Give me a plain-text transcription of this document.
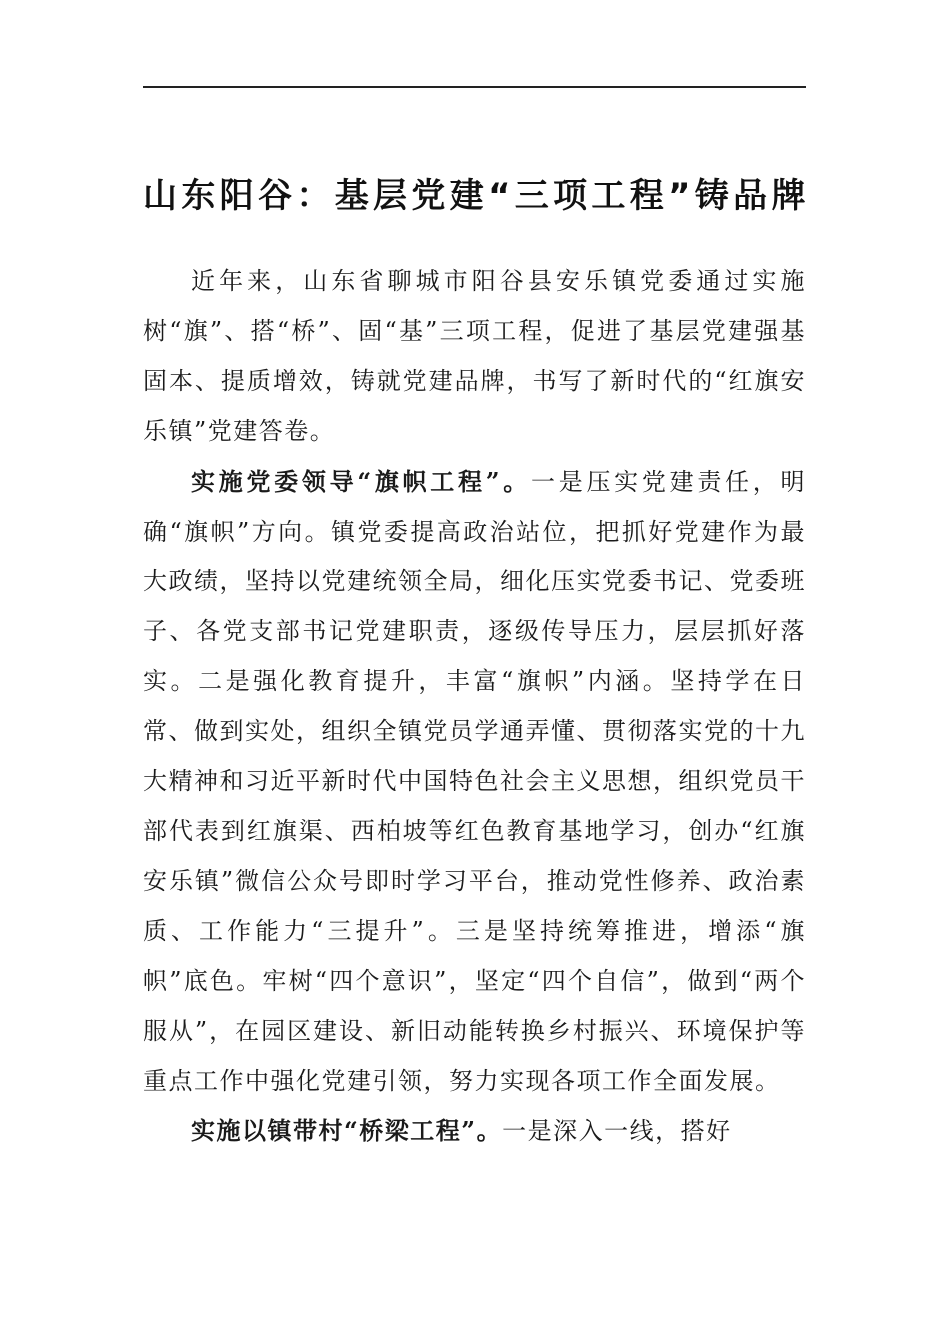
山东阳谷：基层党建“三项工程”铸品牌

近年来，山东省聊城市阳谷县安乐镇党委通过实施树“旗”、搭“桥”、固“基”三项工程，促进了基层党建强基固本、提质增效，铸就党建品牌，书写了新时代的“红旗安乐镇”党建答卷。

实施党委领导“旗帜工程”。一是压实党建责任，明确“旗帜”方向。镇党委提高政治站位，把抓好党建作为最大政绩，坚持以党建统领全局，细化压实党委书记、党委班子、各党支部书记党建职责，逐级传导压力，层层抓好落实。二是强化教育提升，丰富“旗帜”内涵。坚持学在日常、做到实处，组织全镇党员学通弄懂、贯彻落实党的十九大精神和习近平新时代中国特色社会主义思想，组织党员干部代表到红旗渠、西柏坡等红色教育基地学习，创办“红旗安乐镇”微信公众号即时学习平台，推动党性修养、政治素质、工作能力“三提升”。三是坚持统筹推进，增添“旗帜”底色。牢树“四个意识”，坚定“四个自信”，做到“两个服从”，在园区建设、新旧动能转换乡村振兴、环境保护等重点工作中强化党建引领，努力实现各项工作全面发展。

实施以镇带村“桥梁工程”。一是深入一线，搭好
